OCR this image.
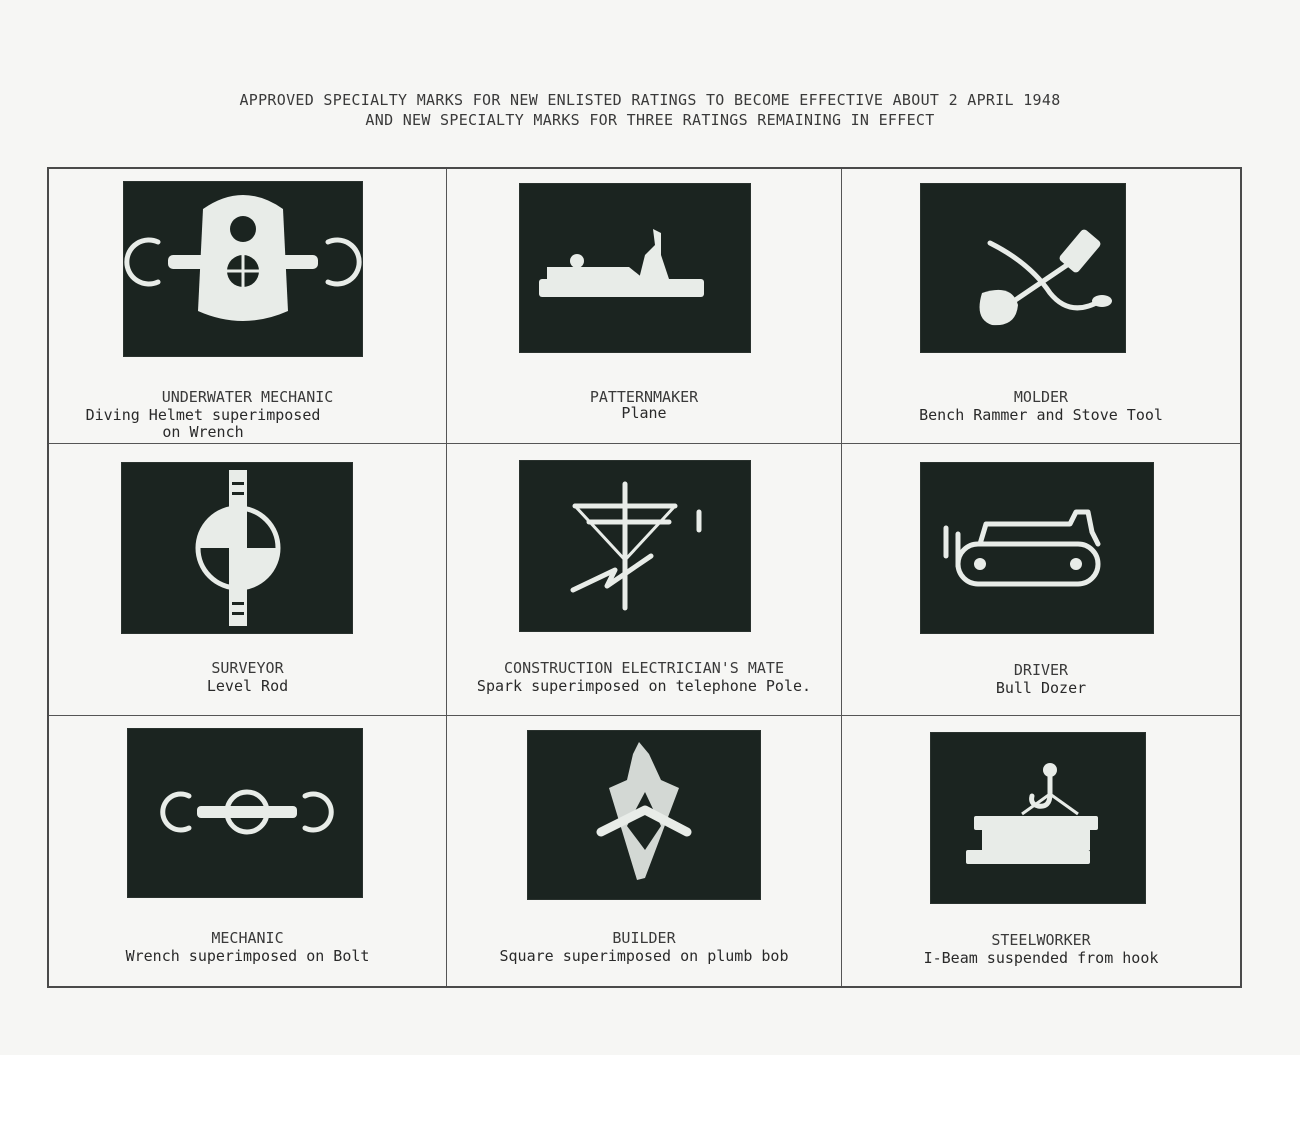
APPROVED SPECIALTY MARKS FOR NEW ENLISTED RATINGS TO BECOME EFFECTIVE ABOUT 2 APRIL 1948
AND NEW SPECIALTY MARKS FOR THREE RATINGS REMAINING IN EFFECT
UNDERWATER MECHANIC
Diving Helmet superimposed on Wrench
PATTERNMAKER
Plane
MOLDER
Bench Rammer and Stove Tool
SURVEYOR
Level Rod
CONSTRUCTION ELECTRICIAN'S MATE
Spark superimposed on telephone Pole.
DRIVER
Bull Dozer
MECHANIC
Wrench superimposed on Bolt
BUILDER
Square superimposed on plumb bob
STEELWORKER
I-Beam suspended from hook
